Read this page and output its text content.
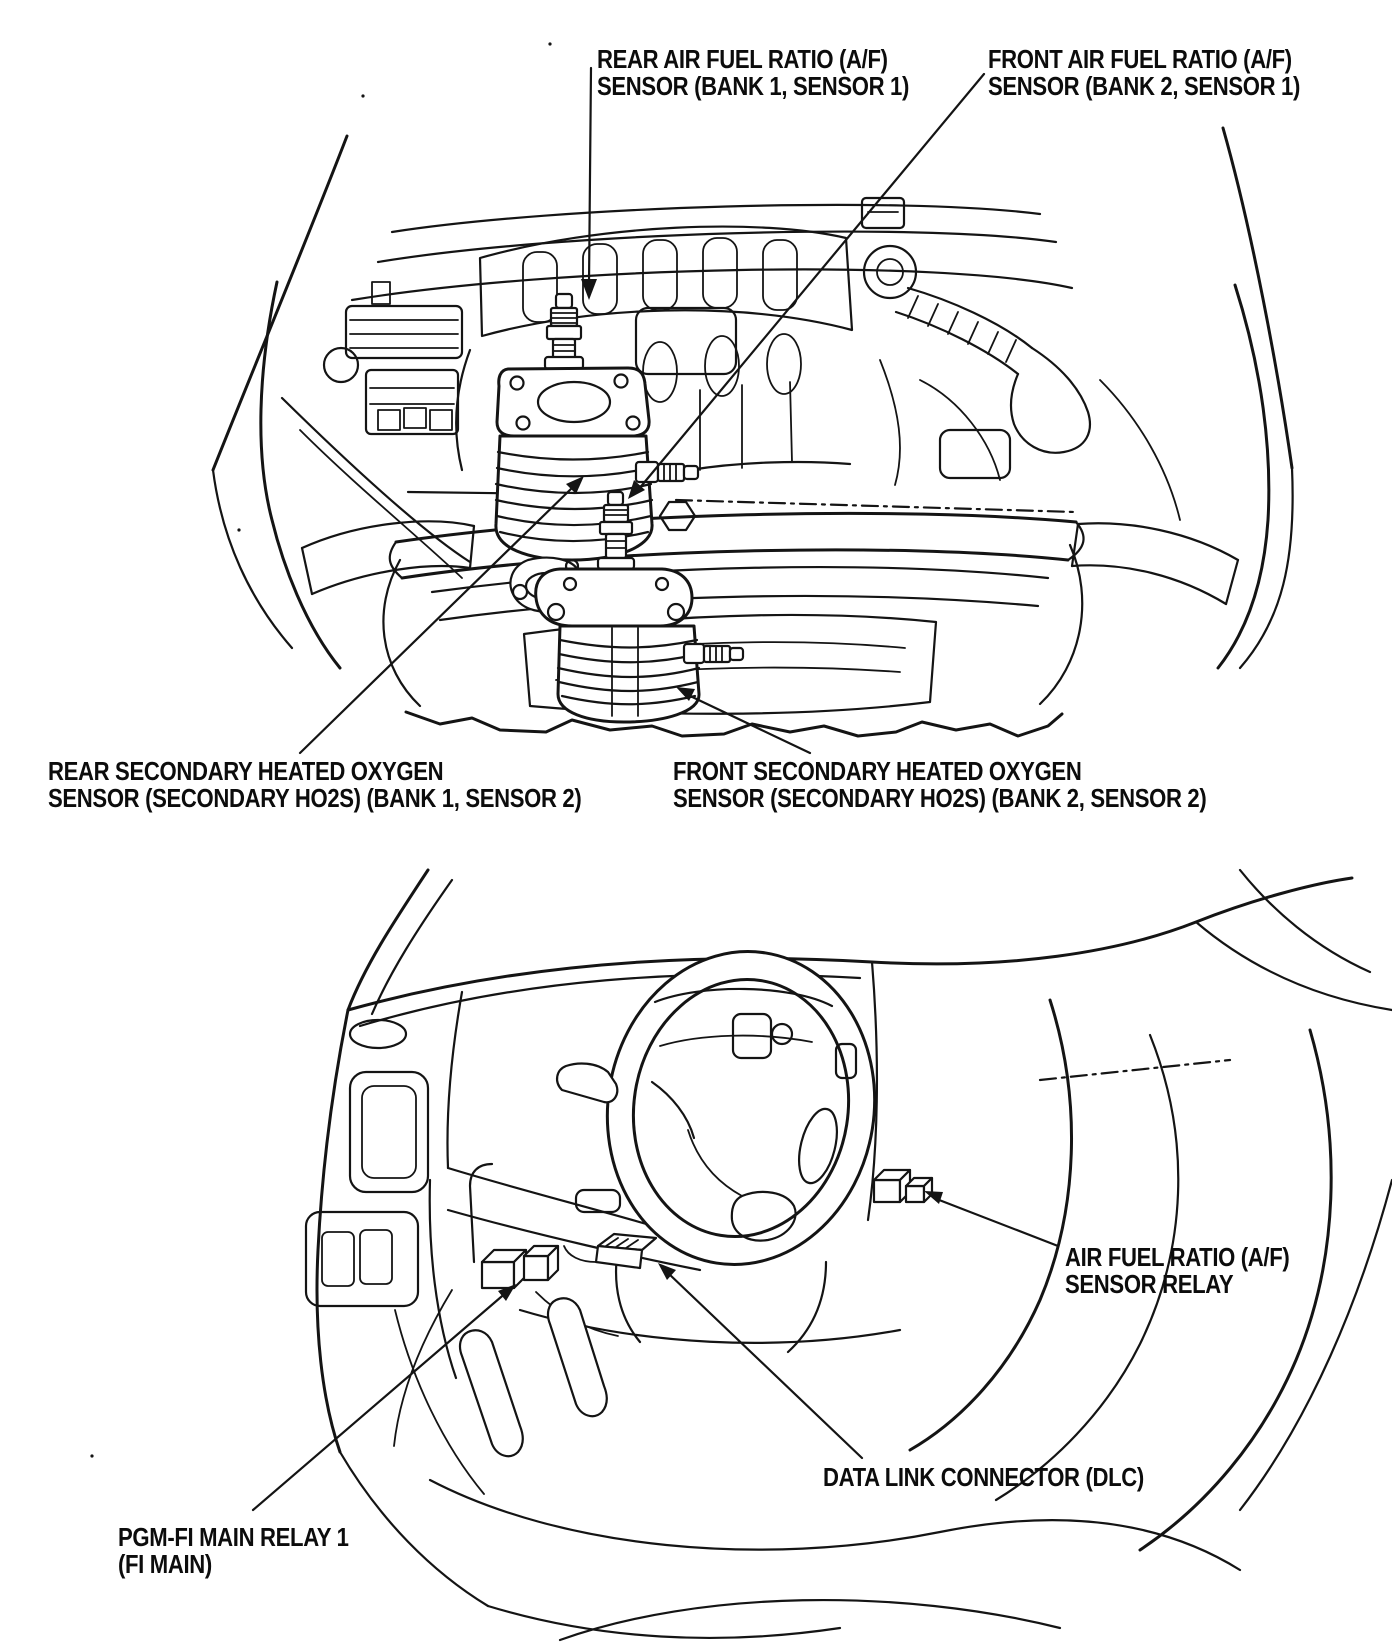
REAR AIR FUEL RATIO (A/F)
SENSOR (BANK 1, SENSOR 1)
FRONT AIR FUEL RATIO (A/F)
SENSOR (BANK 2, SENSOR 1)
REAR SECONDARY HEATED OXYGEN
SENSOR (SECONDARY HO2S) (BANK 1, SENSOR 2)
FRONT SECONDARY HEATED OXYGEN
SENSOR (SECONDARY HO2S) (BANK 2, SENSOR 2)
AIR FUEL RATIO (A/F)
SENSOR RELAY
DATA LINK CONNECTOR (DLC)
PGM-FI MAIN RELAY 1
(FI MAIN)
